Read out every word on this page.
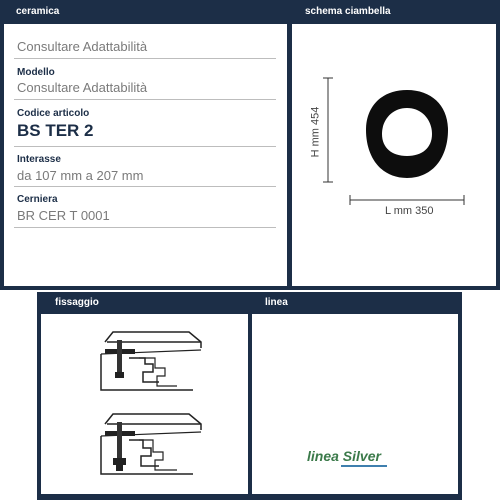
ceramica
Consultare Adattabilità
Modello
Consultare Adattabilità
Codice articolo
BS TER 2
Interasse
da 107 mm a 207 mm
Cerniera
BR CER T 0001
schema ciambella
H mm 454
L mm 350
fissaggio	linea
linea Silver
